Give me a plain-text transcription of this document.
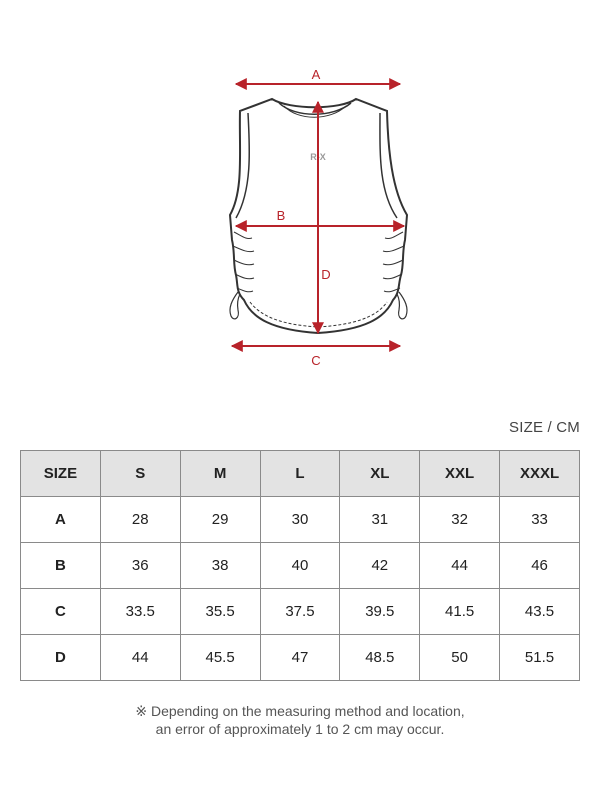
R-X
A
B
C
D
SIZE / CM
SIZE	S	M	L	XL	XXL	XXXL
A	28	29	30	31	32	33
B	36	38	40	42	44	46
C	33.5	35.5	37.5	39.5	41.5	43.5
D	44	45.5	47	48.5	50	51.5
※ Depending on the measuring method and location,
an error of approximately 1 to 2 cm may occur.
